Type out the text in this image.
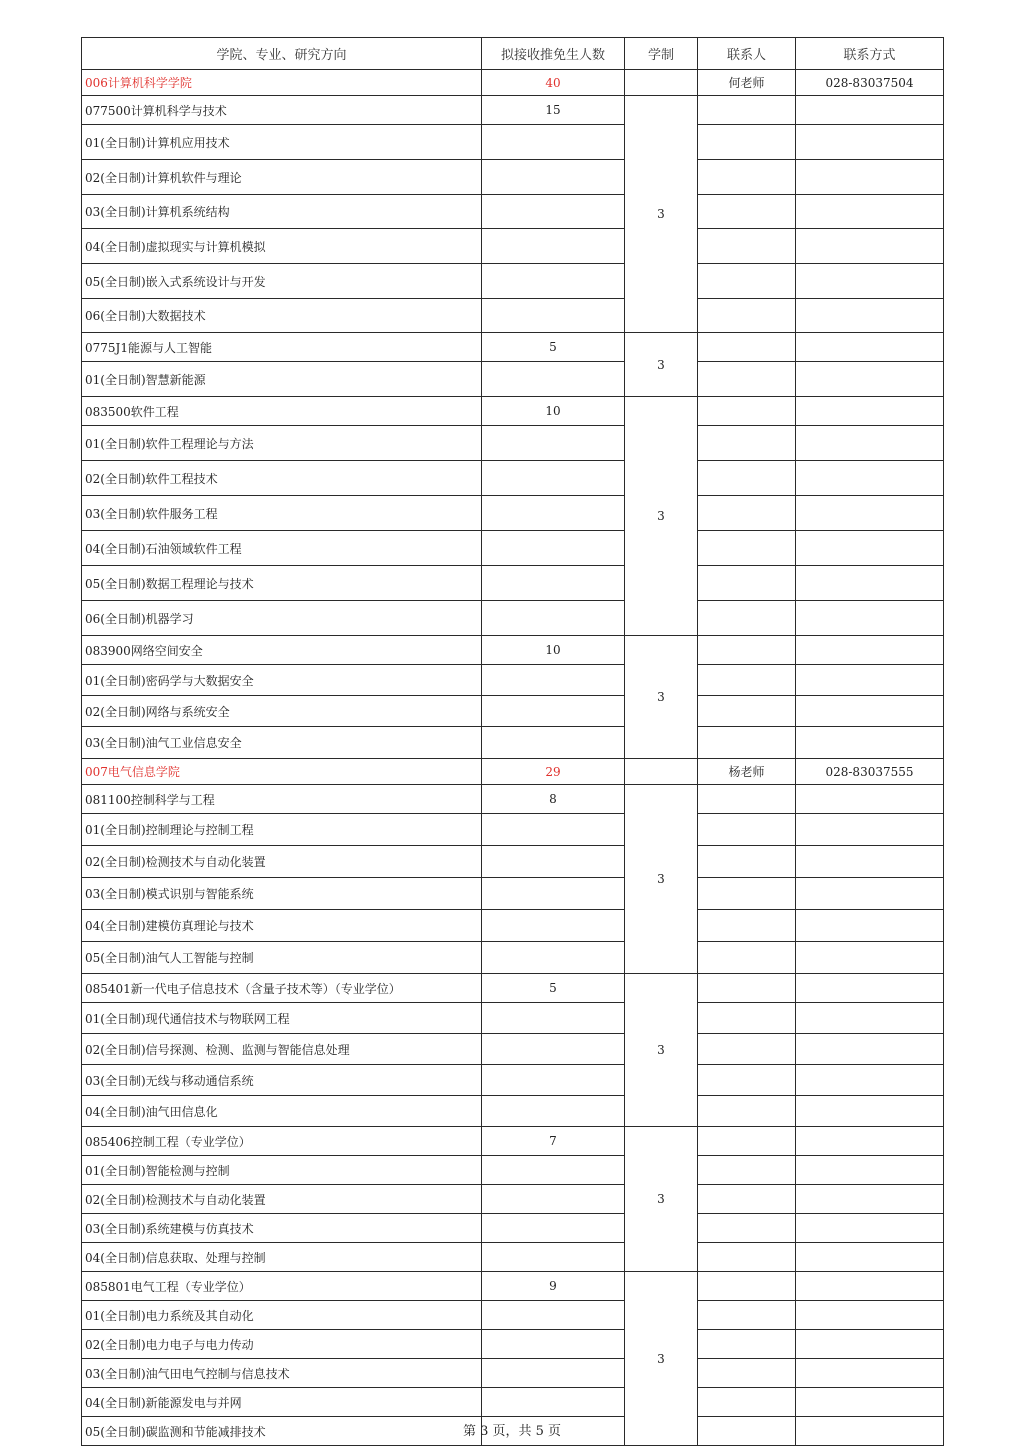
学院、专业、研究方向	拟接收推免生人数	学制	联系人	联系方式
006计算机科学学院	40		何老师	028-83037504
077500计算机科学与技术	15	3		
01(全日制)计算机应用技术				
02(全日制)计算机软件与理论				
03(全日制)计算机系统结构				
04(全日制)虚拟现实与计算机模拟				
05(全日制)嵌入式系统设计与开发				
06(全日制)大数据技术				
0775J1能源与人工智能	5	3		
01(全日制)智慧新能源				
083500软件工程	10	3		
01(全日制)软件工程理论与方法				
02(全日制)软件工程技术				
03(全日制)软件服务工程				
04(全日制)石油领域软件工程				
05(全日制)数据工程理论与技术				
06(全日制)机器学习				
083900网络空间安全	10	3		
01(全日制)密码学与大数据安全				
02(全日制)网络与系统安全				
03(全日制)油气工业信息安全				
007电气信息学院	29		杨老师	028-83037555
081100控制科学与工程	8	3		
01(全日制)控制理论与控制工程				
02(全日制)检测技术与自动化装置				
03(全日制)模式识别与智能系统				
04(全日制)建模仿真理论与技术				
05(全日制)油气人工智能与控制				
085401新一代电子信息技术（含量子技术等）（专业学位）	5	3		
01(全日制)现代通信技术与物联网工程				
02(全日制)信号探测、检测、监测与智能信息处理				
03(全日制)无线与移动通信系统				
04(全日制)油气田信息化				
085406控制工程（专业学位）	7	3		
01(全日制)智能检测与控制				
02(全日制)检测技术与自动化装置				
03(全日制)系统建模与仿真技术				
04(全日制)信息获取、处理与控制				
085801电气工程（专业学位）	9	3		
01(全日制)电力系统及其自动化				
02(全日制)电力电子与电力传动				
03(全日制)油气田电气控制与信息技术				
04(全日制)新能源发电与并网				
05(全日制)碳监测和节能减排技术					第 3 页，共 5 页
